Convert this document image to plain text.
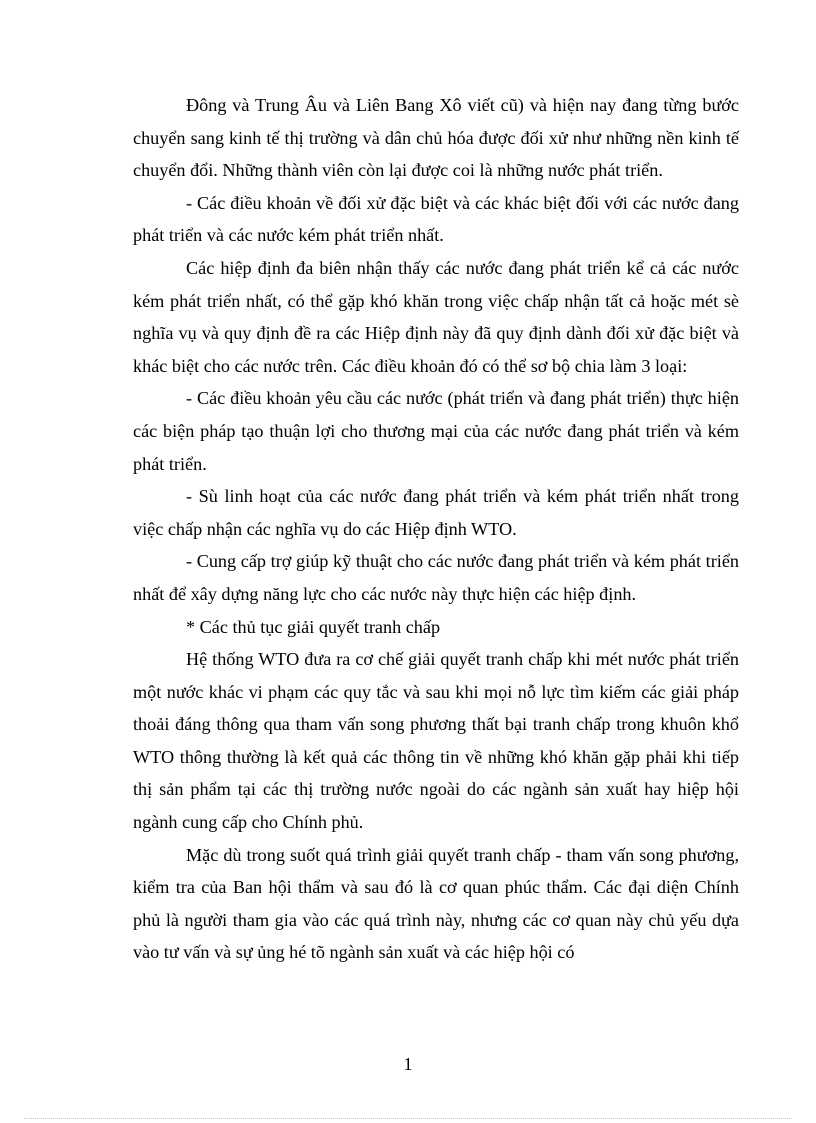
Đông và Trung Âu và Liên Bang Xô viết cũ) và hiện nay đang từng bước chuyển sang kinh tế thị trường và dân chủ hóa được đối xử như những nền kinh tế chuyển đổi. Những thành viên còn lại được coi là những nước phát triển.

- Các điều khoản về đối xử đặc biệt và các khác biệt đối với các nước đang phát triển và các nước kém phát triển nhất.

Các hiệp định đa biên nhận thấy các nước đang phát triển kể cả các nước kém phát triển nhất, có thể gặp khó khăn trong việc chấp nhận tất cả hoặc mét sè nghĩa vụ và quy định đề ra các Hiệp định này đã quy định dành đối xử đặc biệt và khác biệt cho các nước trên. Các điều khoản đó có thể sơ bộ chia làm 3 loại:

- Các điều khoản yêu cầu các nước (phát triển và đang phát triển) thực hiện các biện pháp tạo thuận lợi cho thương mại của các nước đang phát triển và kém phát triển.

- Sù linh hoạt của các nước đang phát triển và kém phát triển nhất trong việc chấp nhận các nghĩa vụ do các Hiệp định WTO.

- Cung cấp trợ giúp kỹ thuật cho các nước đang phát triển và kém phát triển nhất để xây dựng năng lực cho các nước này thực hiện các hiệp định.

* Các thủ tục giải quyết tranh chấp

Hệ thống WTO đưa ra cơ chế giải quyết tranh chấp khi mét nước phát triển một nước khác vi phạm các quy tắc và sau khi mọi nỗ lực tìm kiếm các giải pháp thoải đáng thông qua tham vấn song phương thất bại tranh chấp trong khuôn khổ WTO thông thường là kết quả các thông tin về những khó khăn gặp phải khi tiếp thị sản phẩm tại các thị trường nước ngoài do các ngành sản xuất hay hiệp hội ngành cung cấp cho Chính phủ.

Mặc dù trong suốt quá trình giải quyết tranh chấp - tham vấn song phương, kiểm tra của Ban hội thẩm và sau đó là cơ quan phúc thẩm. Các đại diện Chính phủ là người tham gia vào các quá trình này, nhưng các cơ quan này chủ yếu dựa vào tư vấn và sự ủng hé tõ ngành sản xuất và các hiệp hội có

1
